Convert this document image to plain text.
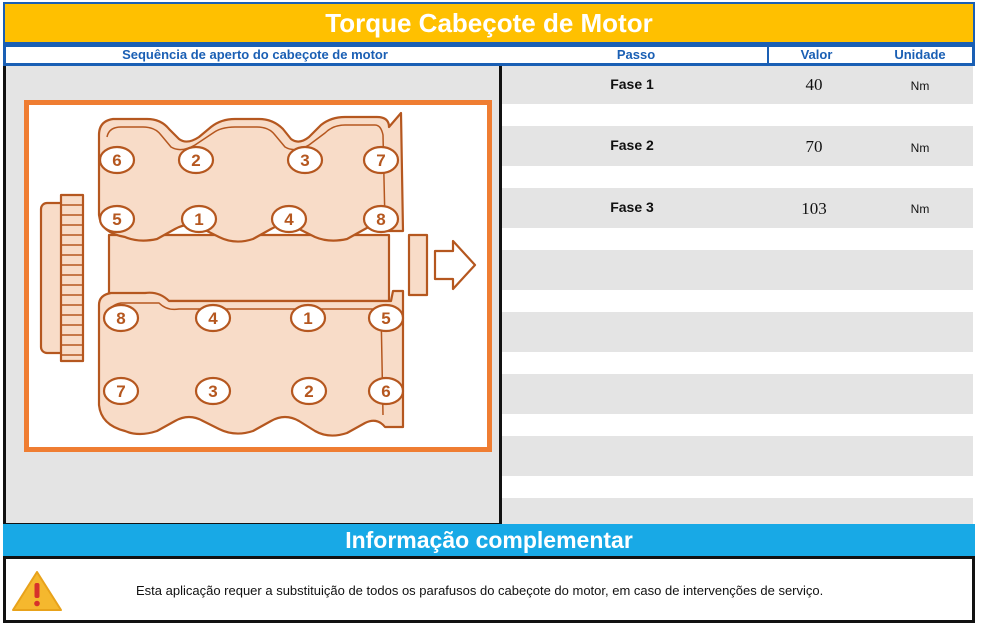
Torque Cabeçote de Motor
Sequência de aperto do cabeçote de motor	Passo	Valor	Unidade
6	2	3	7
5	1	4	8
8	4	1	5
7	3	2	6
Fase 1	40	Nm
Fase 2	70	Nm
Fase 3	103	Nm
Informação complementar
Esta aplicação requer a substituição de todos os parafusos do cabeçote do motor, em caso de intervenções de serviço.
